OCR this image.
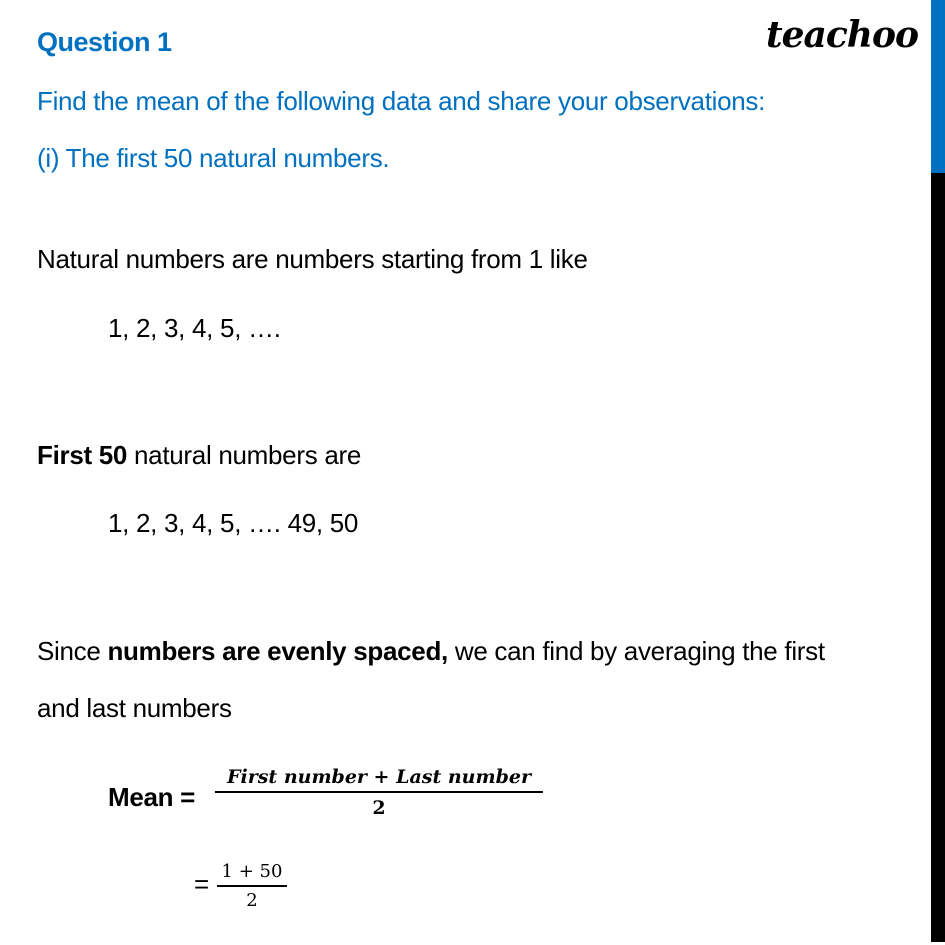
Question 1	teachoo
Find the mean of the following data and share your observations:
(i) The first 50 natural numbers.
Natural numbers are numbers starting from 1 like
1, 2, 3, 4, 5, ….
First 50 natural numbers are
1, 2, 3, 4, 5, …. 49, 50
Since numbers are evenly spaced, we can find by averaging the first
and last numbers
Mean =
First number + Last number
2
= 1 + 50
2
